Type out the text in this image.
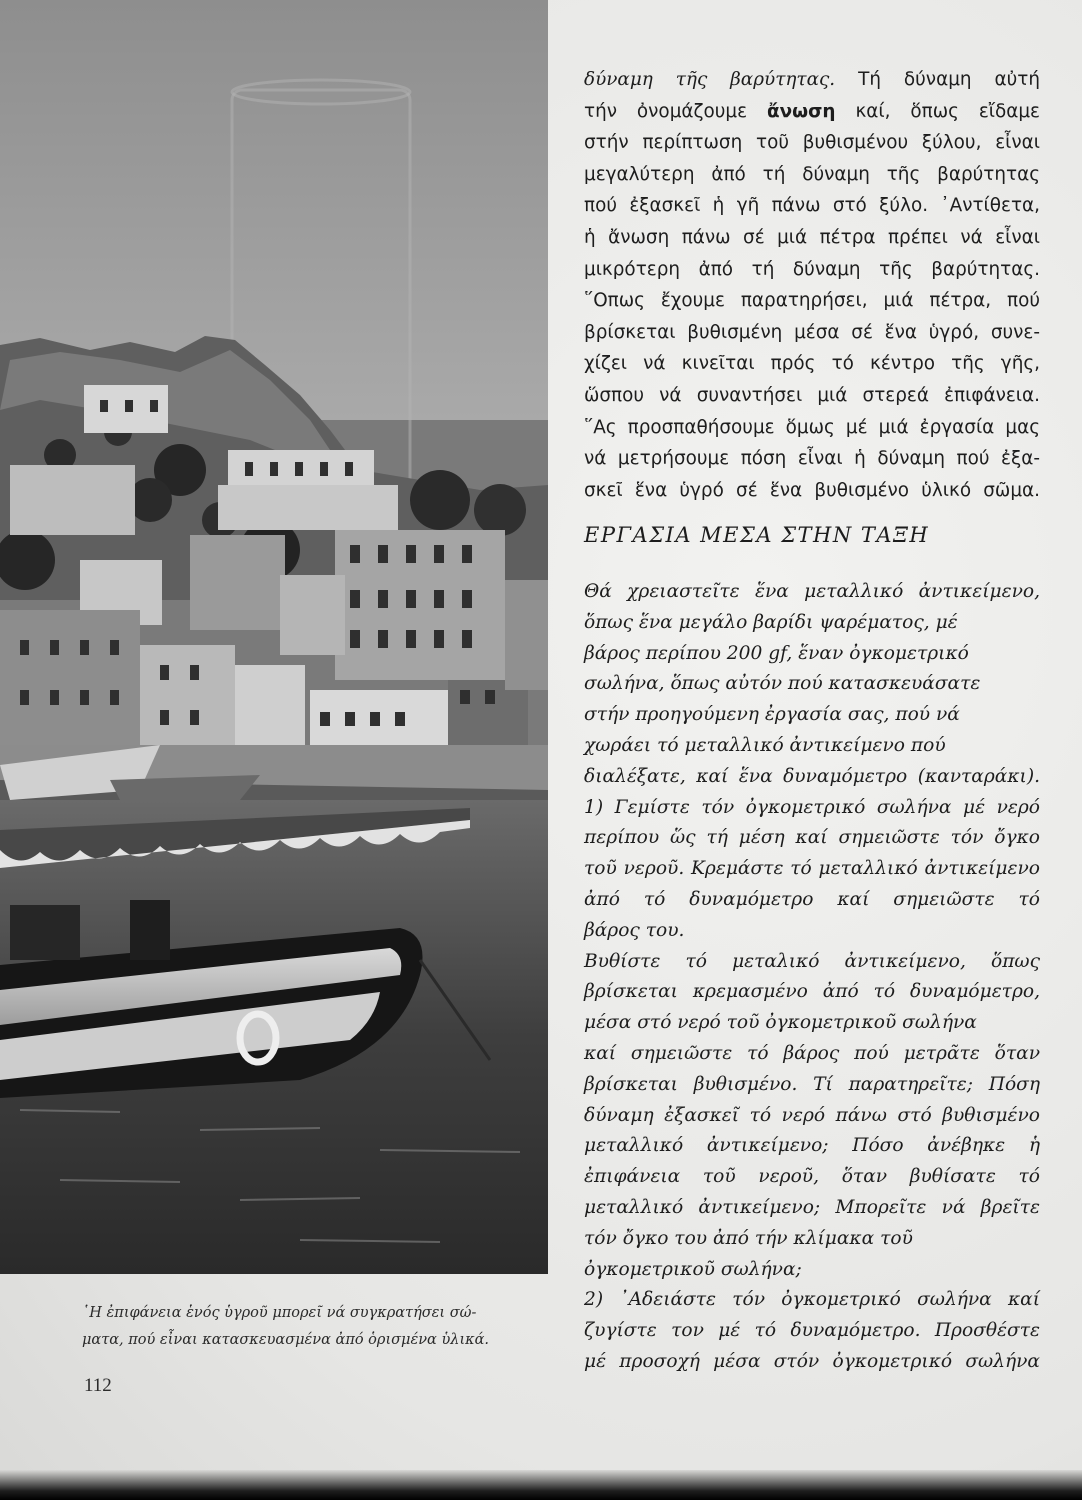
῾Η ἐπιφάνεια ἑνός ὑγροῦ μπορεῖ νά συγκρατήσει σώ-

ματα, πού εἶναι κατασκευασμένα ἀπό ὁρισμένα ὑλικά.

112

δύναμη τῆς βαρύτητας. Τή δύναμη αὐτή

τήν ὀνομάζουμε ἄνωση καί, ὅπως εἴδαμε

στήν περίπτωση τοῦ βυθισμένου ξύλου, εἶναι

μεγαλύτερη ἀπό τή δύναμη τῆς βαρύτητας

πού ἐξασκεῖ ἡ γῆ πάνω στό ξύλο. ᾿Αντίθετα,

ἡ ἄνωση πάνω σέ μιά πέτρα πρέπει νά εἶναι

μικρότερη ἀπό τή δύναμη τῆς βαρύτητας.

῞Οπως ἔχουμε παρατηρήσει, μιά πέτρα, πού

βρίσκεται βυθισμένη μέσα σέ ἕνα ὑγρό, συνε-

χίζει νά κινεῖται πρός τό κέντρο τῆς γῆς,

ὥσπου νά συναντήσει μιά στερεά ἐπιφάνεια.

῞Ας προσπαθήσουμε ὅμως μέ μιά ἐργασία μας

νά μετρήσουμε πόση εἶναι ἡ δύναμη πού ἐξα-

σκεῖ ἕνα ὑγρό σέ ἕνα βυθισμένο ὑλικό σῶμα.

ΕΡΓΑΣΙΑ ΜΕΣΑ ΣΤΗΝ ΤΑΞΗ

Θά χρειαστεῖτε ἕνα μεταλλικό ἀντικείμενο,

ὅπως ἕνα μεγάλο βαρίδι ψαρέματος, μέ

βάρος περίπου 200 gf, ἕναν ὀγκομετρικό

σωλήνα, ὅπως αὐτόν πού κατασκευάσατε

στήν προηγούμενη ἐργασία σας, πού νά

χωράει τό μεταλλικό ἀντικείμενο πού

διαλέξατε, καί ἕνα δυναμόμετρο (κανταράκι).

1) Γεμίστε τόν ὀγκομετρικό σωλήνα μέ νερό

περίπου ὥς τή μέση καί σημειῶστε τόν ὄγκο

τοῦ νεροῦ. Κρεμάστε τό μεταλλικό ἀντικείμενο

ἀπό τό δυναμόμετρο καί σημειῶστε τό

βάρος του.

Βυθίστε τό μεταλικό ἀντικείμενο, ὅπως

βρίσκεται κρεμασμένο ἀπό τό δυναμόμετρο,

μέσα στό νερό τοῦ ὀγκομετρικοῦ σωλήνα

καί σημειῶστε τό βάρος πού μετρᾶτε ὅταν

βρίσκεται βυθισμένο. Τί παρατηρεῖτε; Πόση

δύναμη ἐξασκεῖ τό νερό πάνω στό βυθισμένο

μεταλλικό ἀντικείμενο; Πόσο ἀνέβηκε ἡ

ἐπιφάνεια τοῦ νεροῦ, ὅταν βυθίσατε τό

μεταλλικό ἀντικείμενο; Μπορεῖτε νά βρεῖτε

τόν ὄγκο του ἀπό τήν κλίμακα τοῦ

ὀγκομετρικοῦ σωλήνα;

2) ᾿Αδειάστε τόν ὀγκομετρικό σωλήνα καί

ζυγίστε τον μέ τό δυναμόμετρο. Προσθέστε

μέ προσοχή μέσα στόν ὀγκομετρικό σωλήνα
